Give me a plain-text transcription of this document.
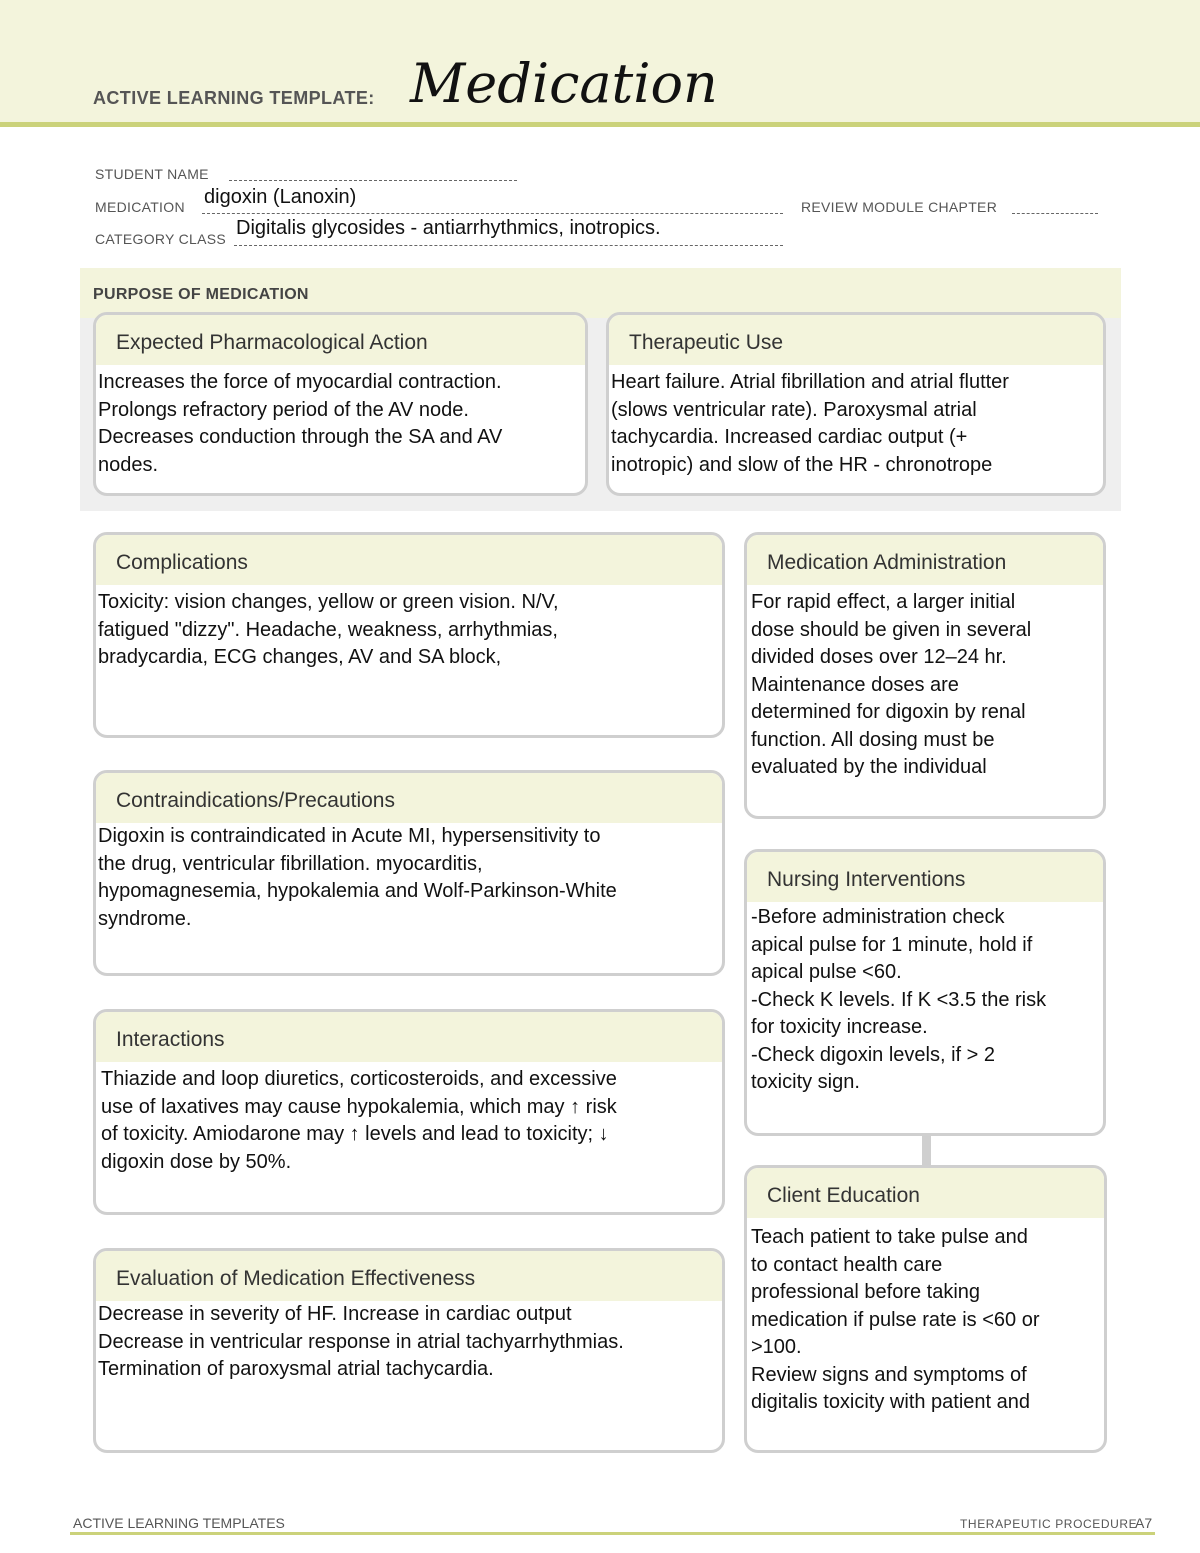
ACTIVE LEARNING TEMPLATE: Medication
STUDENT NAME
MEDICATION digoxin (Lanoxin)	REVIEW MODULE CHAPTER
CATEGORY CLASS Digitalis glycosides - antiarrhythmics, inotropics.
PURPOSE OF MEDICATION
Expected Pharmacological Action
Increases the force of myocardial contraction.
Prolongs refractory period of the AV node.
Decreases conduction through the SA and AV
nodes.
Therapeutic Use
Heart failure. Atrial fibrillation and atrial flutter
(slows ventricular rate). Paroxysmal atrial
tachycardia. Increased cardiac output (+
inotropic) and slow of the HR - chronotrope
Complications
Toxicity: vision changes, yellow or green vision. N/V,
fatigued "dizzy". Headache, weakness, arrhythmias,
bradycardia, ECG changes, AV and SA block,
Contraindications/Precautions
Digoxin is contraindicated in Acute MI, hypersensitivity to
the drug, ventricular fibrillation. myocarditis,
hypomagnesemia, hypokalemia and Wolf-Parkinson-White
syndrome.
Interactions
Thiazide and loop diuretics, corticosteroids, and excessive
use of laxatives may cause hypokalemia, which may ↑ risk
of toxicity. Amiodarone may ↑ levels and lead to toxicity; ↓
digoxin dose by 50%.
Evaluation of Medication Effectiveness
Decrease in severity of HF. Increase in cardiac output
Decrease in ventricular response in atrial tachyarrhythmias.
Termination of paroxysmal atrial tachycardia.
Medication Administration
For rapid effect, a larger initial
dose should be given in several
divided doses over 12–24 hr.
Maintenance doses are
determined for digoxin by renal
function. All dosing must be
evaluated by the individual
Nursing Interventions
-Before administration check
apical pulse for 1 minute, hold if
apical pulse <60.
-Check K levels. If K <3.5 the risk
for toxicity increase.
-Check digoxin levels, if > 2
toxicity sign.
Client Education
Teach patient to take pulse and
to contact health care
professional before taking
medication if pulse rate is <60 or
>100.
Review signs and symptoms of
digitalis toxicity with patient and
ACTIVE LEARNING TEMPLATES	THERAPEUTIC PROCEDURE
A7
